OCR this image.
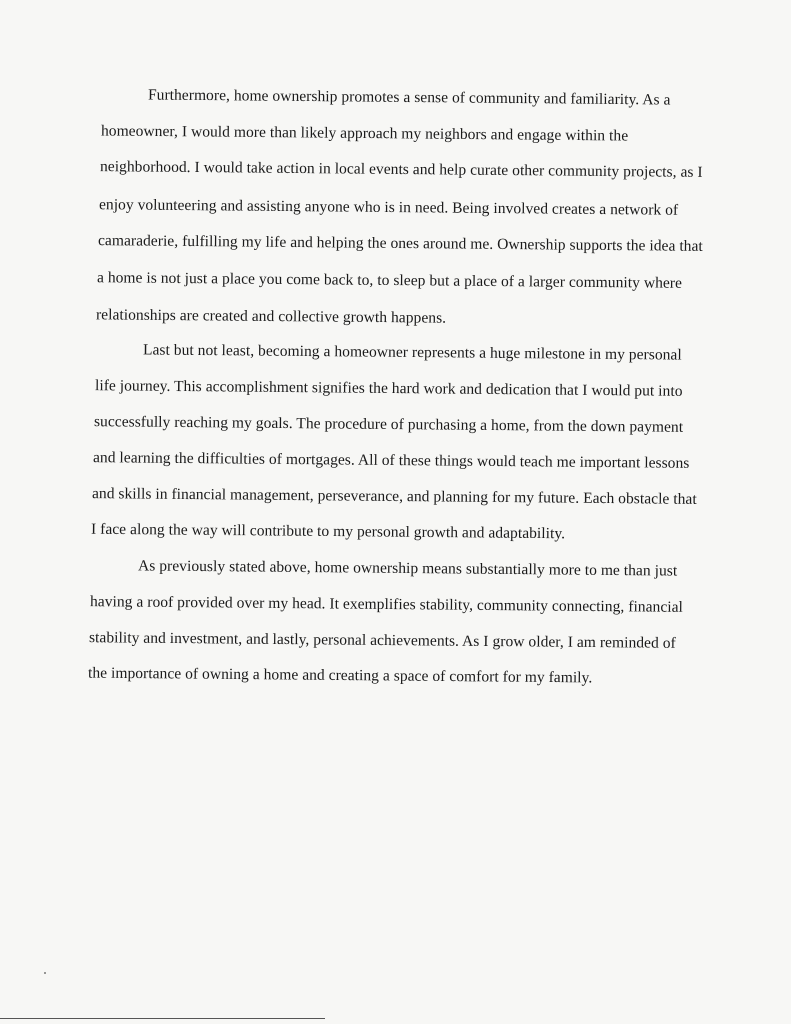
Furthermore, home ownership promotes a sense of community and familiarity. As a
homeowner, I would more than likely approach my neighbors and engage within the
neighborhood. I would take action in local events and help curate other community projects, as I
enjoy volunteering and assisting anyone who is in need. Being involved creates a network of
camaraderie, fulfilling my life and helping the ones around me. Ownership supports the idea that
a home is not just a place you come back to, to sleep but a place of a larger community where
relationships are created and collective growth happens.
Last but not least, becoming a homeowner represents a huge milestone in my personal
life journey. This accomplishment signifies the hard work and dedication that I would put into
successfully reaching my goals. The procedure of purchasing a home, from the down payment
and learning the difficulties of mortgages. All of these things would teach me important lessons
and skills in financial management, perseverance, and planning for my future. Each obstacle that
I face along the way will contribute to my personal growth and adaptability.
As previously stated above, home ownership means substantially more to me than just
having a roof provided over my head. It exemplifies stability, community connecting, financial
stability and investment, and lastly, personal achievements. As I grow older, I am reminded of
the importance of owning a home and creating a space of comfort for my family.
